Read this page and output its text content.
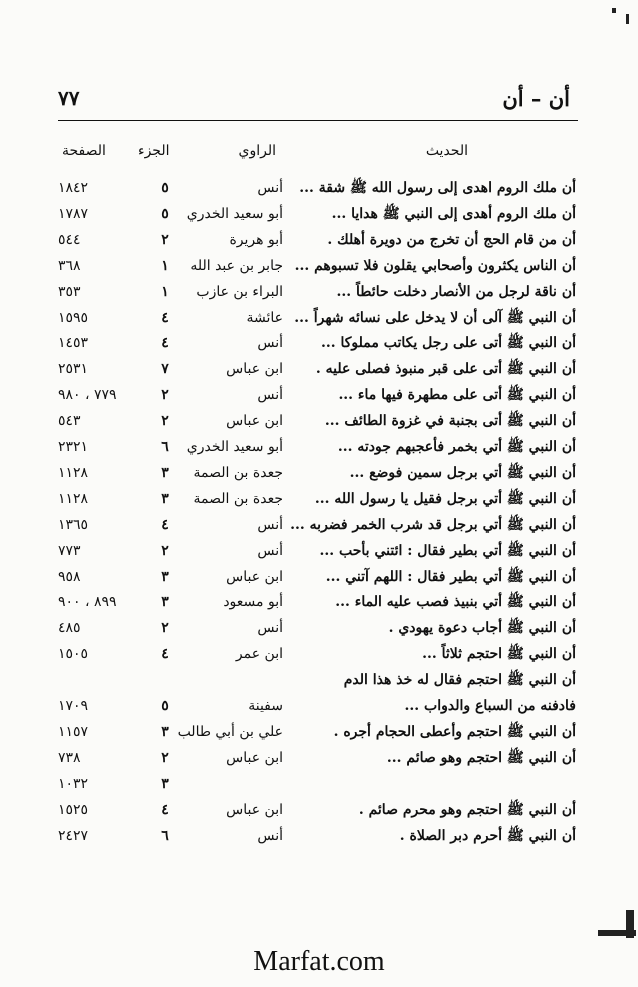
٧٧	أن – أن
الحديث
الراوي
الجزء
الصفحة
أن ملك الروم اهدى إلى رسول الله ﷺ شقة ...
أنس
٥
١٨٤٢
أن ملك الروم أهدى إلى النبي ﷺ هدايا ...
أبو سعيد الخدري
٥
١٧٨٧
أن من قام الحج أن تخرج من دويرة أهلك .
أبو هريرة
٢
٥٤٤
أن الناس يكثرون وأصحابي يقلون فلا تسبوهم ...
جابر بن عبد الله
١
٣٦٨
أن ناقة لرجل من الأنصار دخلت حائطاً ...
البراء بن عازب
١
٣٥٣
أن النبي ﷺ آلى أن لا يدخل على نسائه شهراً ...
عائشة
٤
١٥٩٥
أن النبي ﷺ أتى على رجل يكاتب مملوكا ...
أنس
٤
١٤٥٣
أن النبي ﷺ أتى على قبر منبوذ فصلى عليه .
ابن عباس
٧
٢٥٣١
أن النبي ﷺ أتى على مطهرة فيها ماء ...
أنس
٢
٧٧٩ ، ٩٨٠
أن النبي ﷺ أتى بجنبة في غزوة الطائف ...
ابن عباس
٢
٥٤٣
أن النبي ﷺ أتي بخمر فأعجبهم جودته ...
أبو سعيد الخدري
٦
٢٣٢١
أن النبي ﷺ أتي برجل سمين فوضع ...
جعدة بن الصمة
٣
١١٢٨
أن النبي ﷺ أتي برجل فقيل يا رسول الله ...
جعدة بن الصمة
٣
١١٢٨
أن النبي ﷺ أتي برجل قد شرب الخمر فضربه ...
أنس
٤
١٣٦٥
أن النبي ﷺ أتي بطير فقال : ائتني بأحب ...
أنس
٢
٧٧٣
أن النبي ﷺ أتي بطير فقال : اللهم آتني ...
ابن عباس
٣
٩٥٨
أن النبي ﷺ أتي بنبيذ فصب عليه الماء ...
أبو مسعود
٣
٨٩٩ ، ٩٠٠
أن النبي ﷺ أجاب دعوة يهودي .
أنس
٢
٤٨٥
أن النبي ﷺ احتجم ثلاثاً ...
ابن عمر
٤
١٥٠٥
أن النبي ﷺ احتجم فقال له خذ هذا الدم
فادفنه من السباع والدواب ...
سفينة
٥
١٧٠٩
أن النبي ﷺ احتجم وأعطى الحجام أجره .
علي بن أبي طالب
٣
١١٥٧
أن النبي ﷺ احتجم وهو صائم ...
ابن عباس
٢
٧٣٨
٣
١٠٣٢
أن النبي ﷺ احتجم وهو محرم صائم .
ابن عباس
٤
١٥٢٥
أن النبي ﷺ أحرم دبر الصلاة .
أنس
٦
٢٤٢٧
Marfat.com
